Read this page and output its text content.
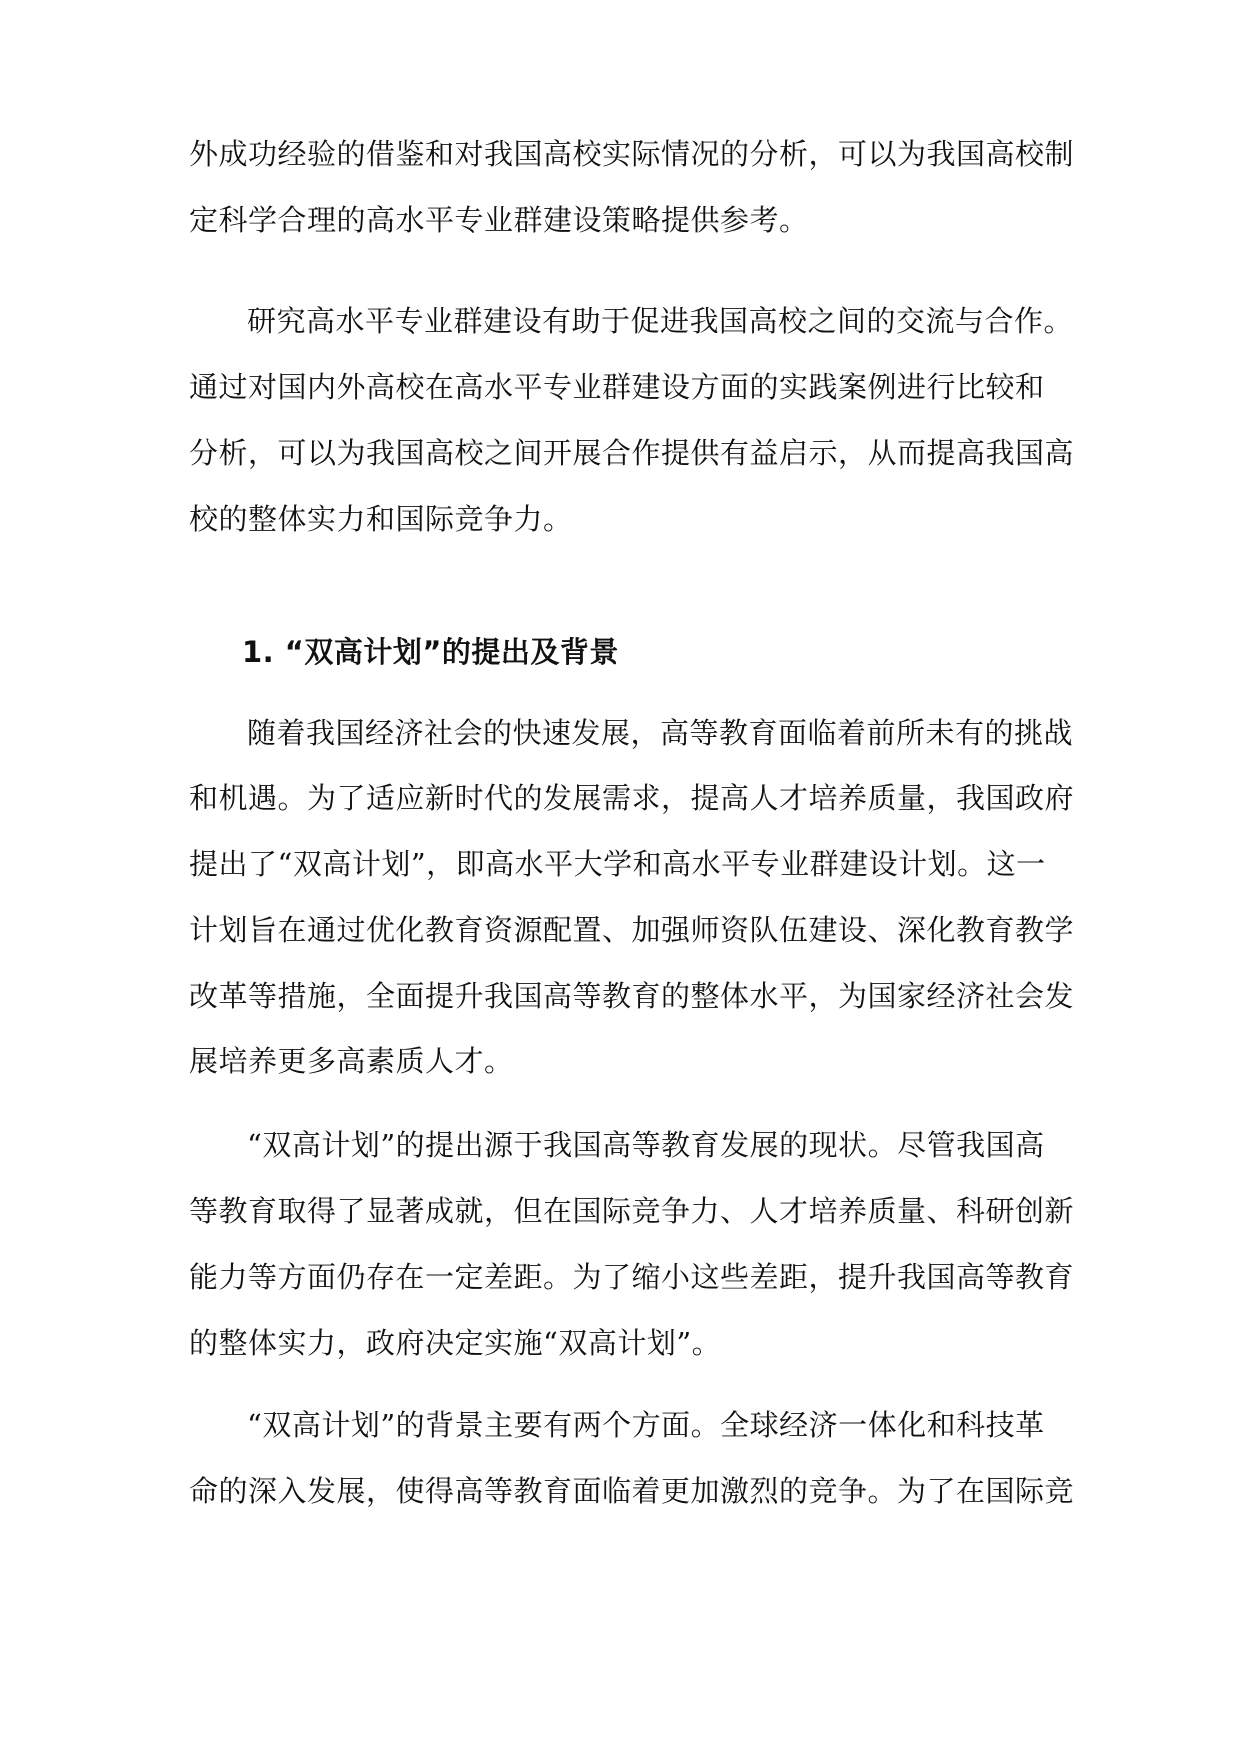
外成功经验的借鉴和对我国高校实际情况的分析，可以为我国高校制
定科学合理的高水平专业群建设策略提供参考。
研究高水平专业群建设有助于促进我国高校之间的交流与合作。
通过对国内外高校在高水平专业群建设方面的实践案例进行比较和
分析，可以为我国高校之间开展合作提供有益启示，从而提高我国高
校的整体实力和国际竞争力。
1. “双高计划”的提出及背景
随着我国经济社会的快速发展，高等教育面临着前所未有的挑战
和机遇。为了适应新时代的发展需求，提高人才培养质量，我国政府
提出了“双高计划”，即高水平大学和高水平专业群建设计划。这一
计划旨在通过优化教育资源配置、加强师资队伍建设、深化教育教学
改革等措施，全面提升我国高等教育的整体水平，为国家经济社会发
展培养更多高素质人才。
“双高计划”的提出源于我国高等教育发展的现状。尽管我国高
等教育取得了显著成就，但在国际竞争力、人才培养质量、科研创新
能力等方面仍存在一定差距。为了缩小这些差距，提升我国高等教育
的整体实力，政府决定实施“双高计划”。
“双高计划”的背景主要有两个方面。全球经济一体化和科技革
命的深入发展，使得高等教育面临着更加激烈的竞争。为了在国际竞
